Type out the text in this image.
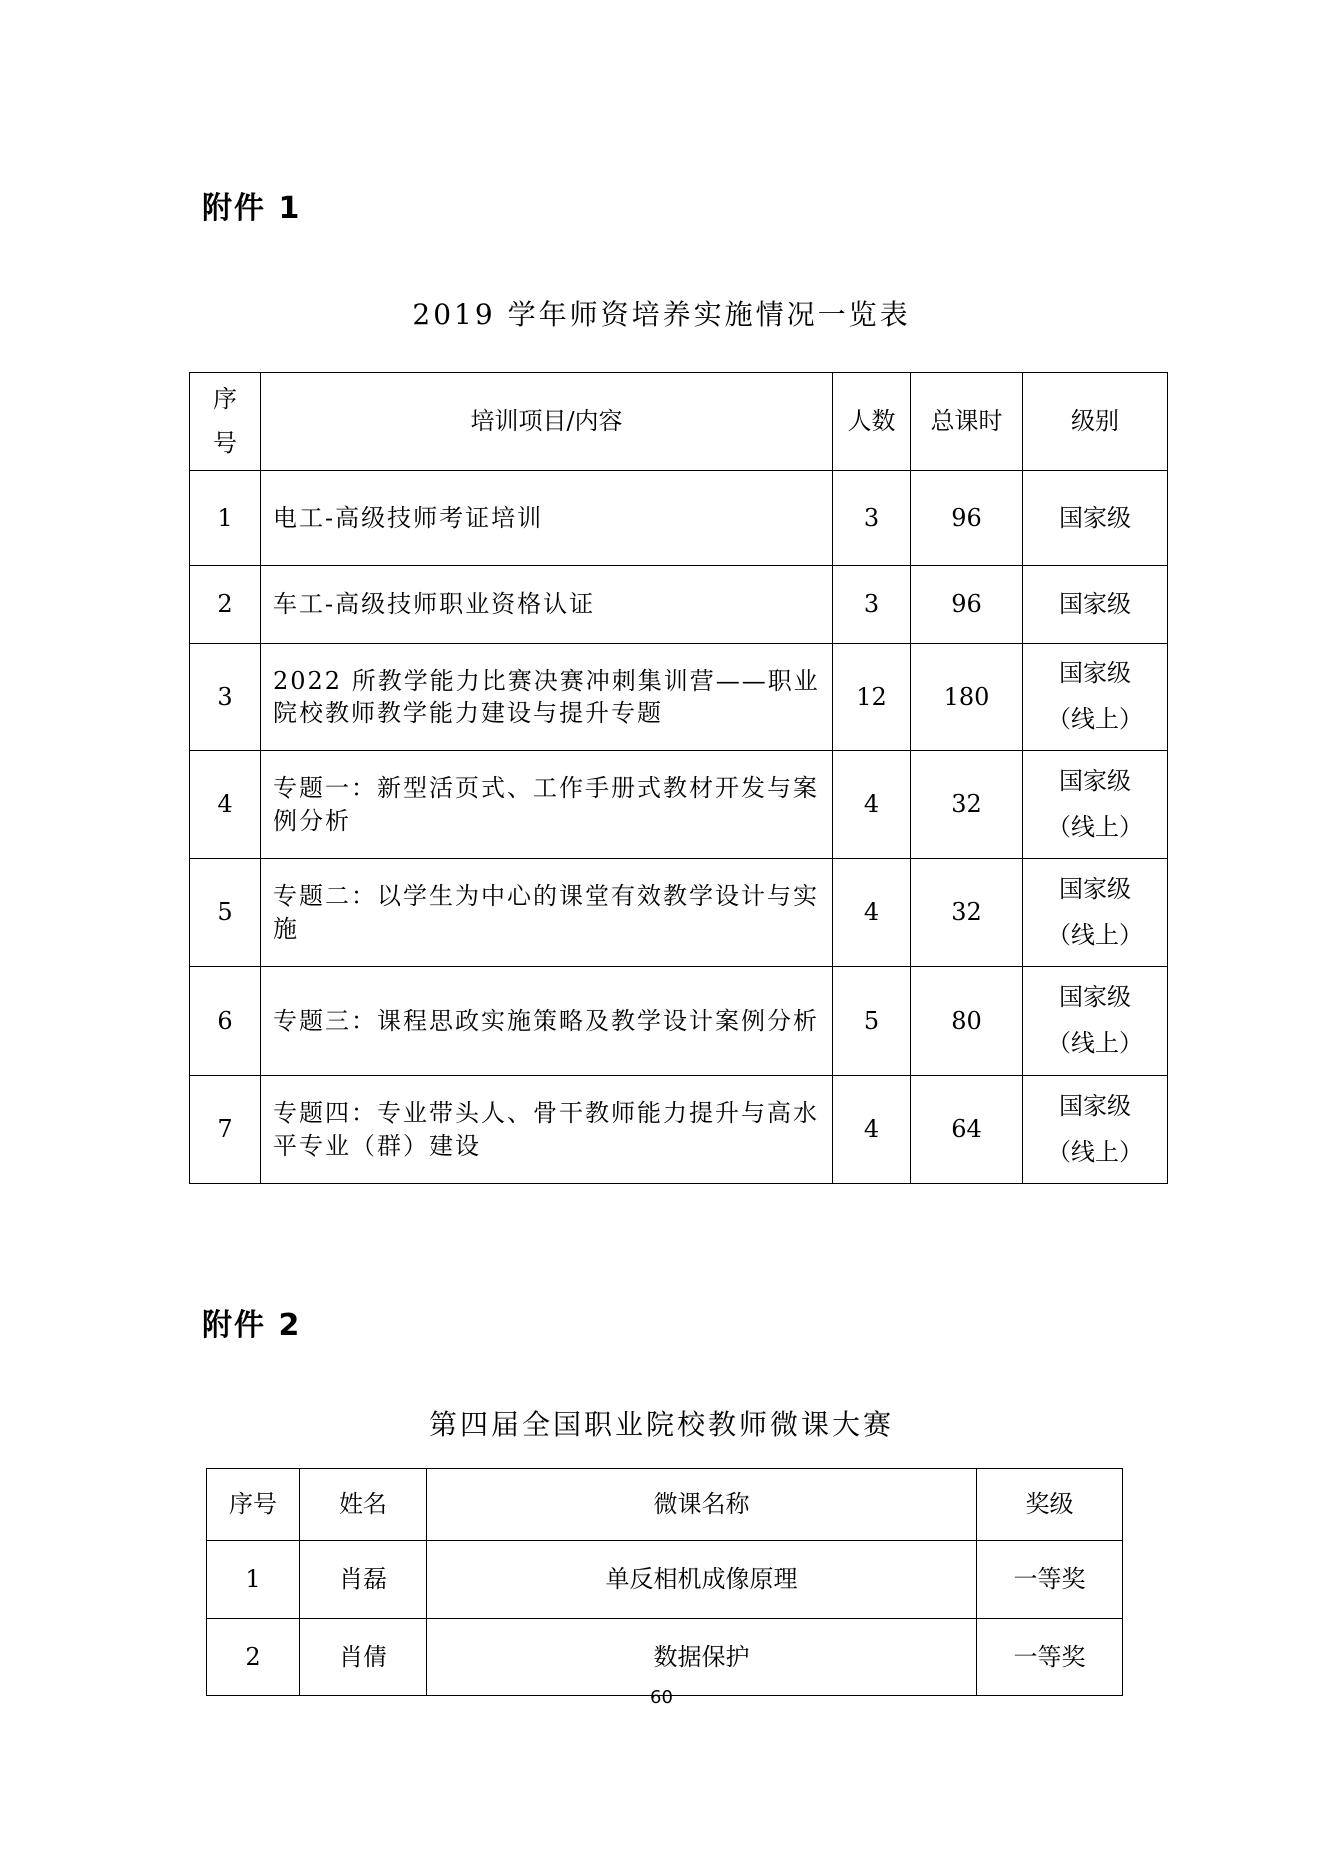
附件 1
2019 学年师资培养实施情况一览表
序
号	培训项目/内容	人数	总课时	级别
1	电工-高级技师考证培训	3	96	国家级
2	车工-高级技师职业资格认证	3	96	国家级
3	2022 所教学能力比赛决赛冲刺集训营——职业院校教师教学能力建设与提升专题	12	180	国家级
（线上）

4	专题一：新型活页式、工作手册式教材开发与案例分析	4	32	国家级
（线上）

5	专题二：以学生为中心的课堂有效教学设计与实施	4	32	国家级
（线上）

6	专题三：课程思政实施策略及教学设计案例分析	5	80	国家级
（线上）

7	专题四：专业带头人、骨干教师能力提升与高水平专业（群）建设	4	64	国家级
（线上）
附件 2
第四届全国职业院校教师微课大赛
序号	姓名	微课名称	奖级
1	肖磊	单反相机成像原理	一等奖
2	肖倩	数据保护	一等奖
60
